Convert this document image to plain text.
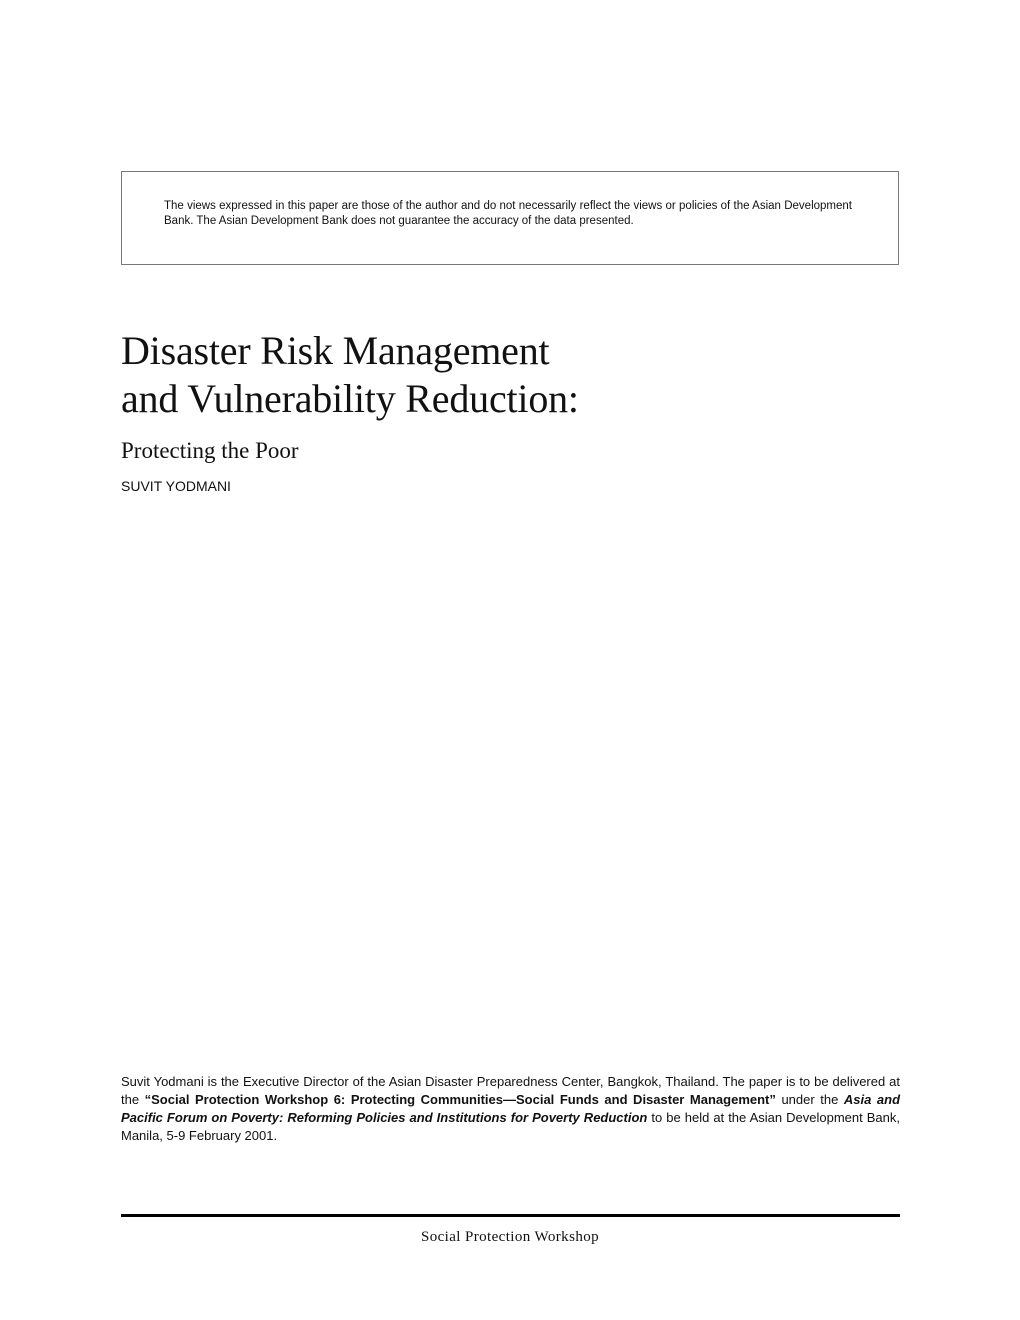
The views expressed in this paper are those of the author and do not necessarily reflect the views or policies of the Asian Development Bank. The Asian Development Bank does not guarantee the accuracy of the data presented.

Disaster Risk Management
and Vulnerability Reduction:
Protecting the Poor

SUVIT YODMANI

Suvit Yodmani is the Executive Director of the Asian Disaster Preparedness Center, Bangkok, Thailand. The paper is to be delivered at the “Social Protection Workshop 6: Protecting Communities—Social Funds and Disaster Management” under the Asia and Pacific Forum on Poverty: Reforming Policies and Institutions for Poverty Reduction to be held at the Asian Development Bank, Manila, 5-9 February 2001.

Social Protection Workshop
